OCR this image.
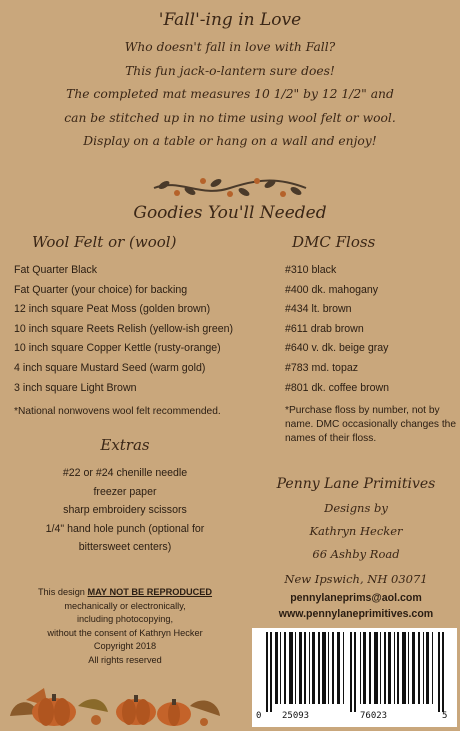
'Fall'-ing in Love
Who doesn't fall in love with Fall?
This fun jack-o-lantern sure does!
The completed mat measures 10 1/2" by 12 1/2" and
can be stitched up in no time using wool felt or wool.
Display on a table or hang on a wall and enjoy!
Goodies You'll Needed
Wool Felt or (wool)	DMC Floss
Fat Quarter Black
Fat Quarter (your choice) for backing
12 inch square Peat Moss (golden brown)
10 inch square Reets Relish (yellow-ish green)
10 inch square Copper Kettle (rusty-orange)
4 inch square Mustard Seed (warm gold)
3 inch square Light Brown
#310 black
#400 dk. mahogany
#434 lt. brown
#611 drab brown
#640 v. dk. beige gray
#783 md. topaz
#801 dk. coffee brown
*National nonwovens wool felt recommended.	*Purchase floss by number, not by name. DMC occasionally changes the names of their floss.
Extras
#22 or #24 chenille needle
freezer paper
sharp embroidery scissors
1/4" hand hole punch (optional for
bittersweet centers)
Penny Lane Primitives
Designs by
Kathryn Hecker
66 Ashby Road
New Ipswich, NH 03071
pennylaneprims@aol.com
www.pennylaneprimitives.com
This design MAY NOT BE REPRODUCED
mechanically or electronically,
including photocopying,
without the consent of Kathryn Hecker
Copyright 2018
All rights reserved
0 25093	76023	5
